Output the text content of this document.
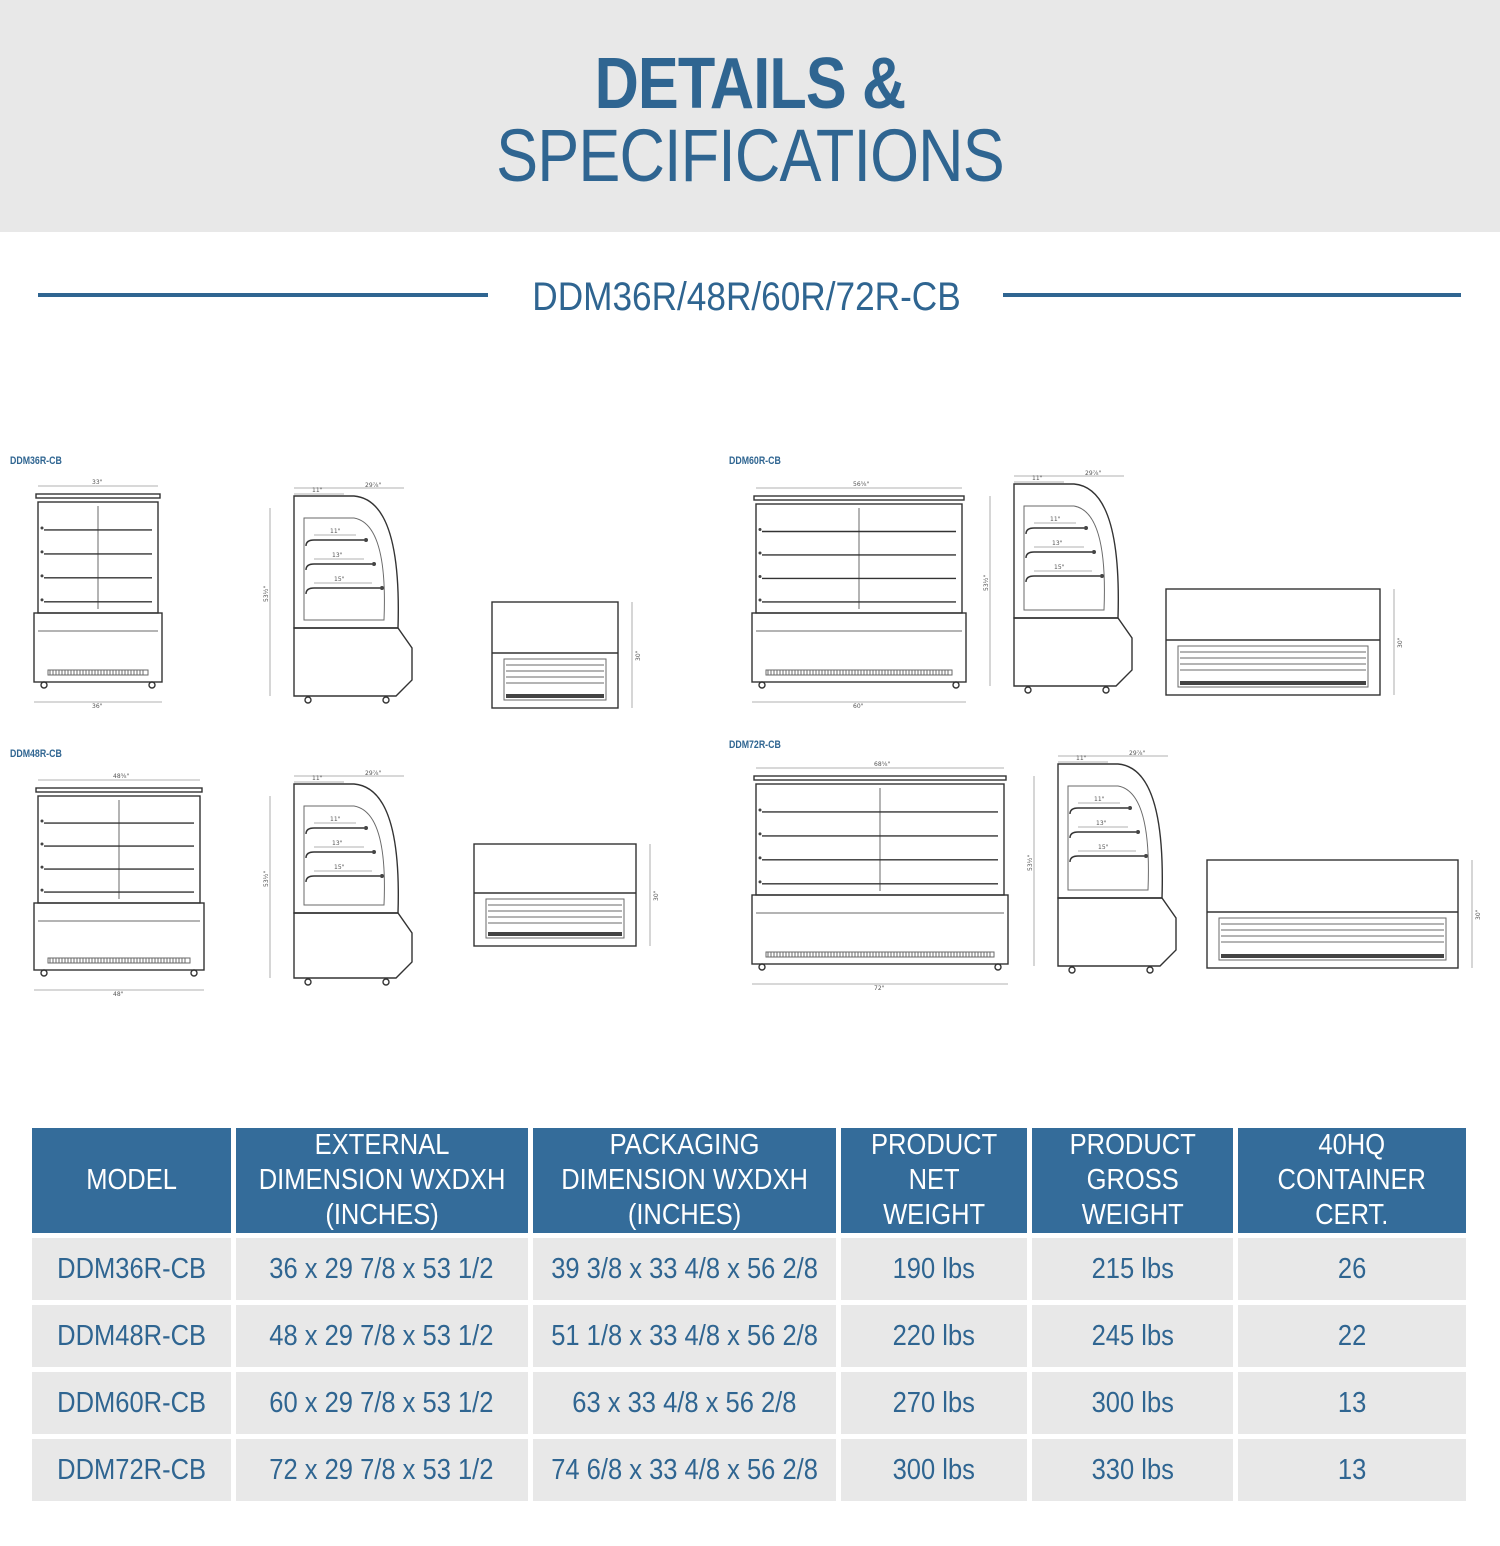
DETAILS &
SPECIFICATIONS
DDM36R/48R/60R/72R-CB
DDM36R-CB
DDM48R-CB
DDM60R-CB
DDM72R-CB
33"
36"
29⅞"
11"
11"
13"
15"
53½"
30"
48⅜"
48"
29⅞"
11"
11"
13"
15"
53½"
30"
56⅝"
60"
29⅞"
11"
11"
13"
15"
53½"
30"
68⅝"
72"
29⅞"
11"
11"
13"
15"
53½"
30"
MODEL	EXTERNAL DIMENSION WXDXH (INCHES)	PACKAGING DIMENSION WXDXH (INCHES)	PRODUCT NET WEIGHT	PRODUCT GROSS WEIGHT	40HQ CONTAINER CERT.
DDM36R-CB	36 x 29 7/8 x 53 1/2	39 3/8 x 33 4/8 x 56 2/8	190 lbs	215 lbs	26
DDM48R-CB	48 x 29 7/8 x 53 1/2	51 1/8 x 33 4/8 x 56 2/8	220 lbs	245 lbs	22
DDM60R-CB	60 x 29 7/8 x 53 1/2	63 x 33 4/8 x 56 2/8	270 lbs	300 lbs	13
DDM72R-CB	72 x 29 7/8 x 53 1/2	74 6/8 x 33 4/8 x 56 2/8	300 lbs	330 lbs	13
